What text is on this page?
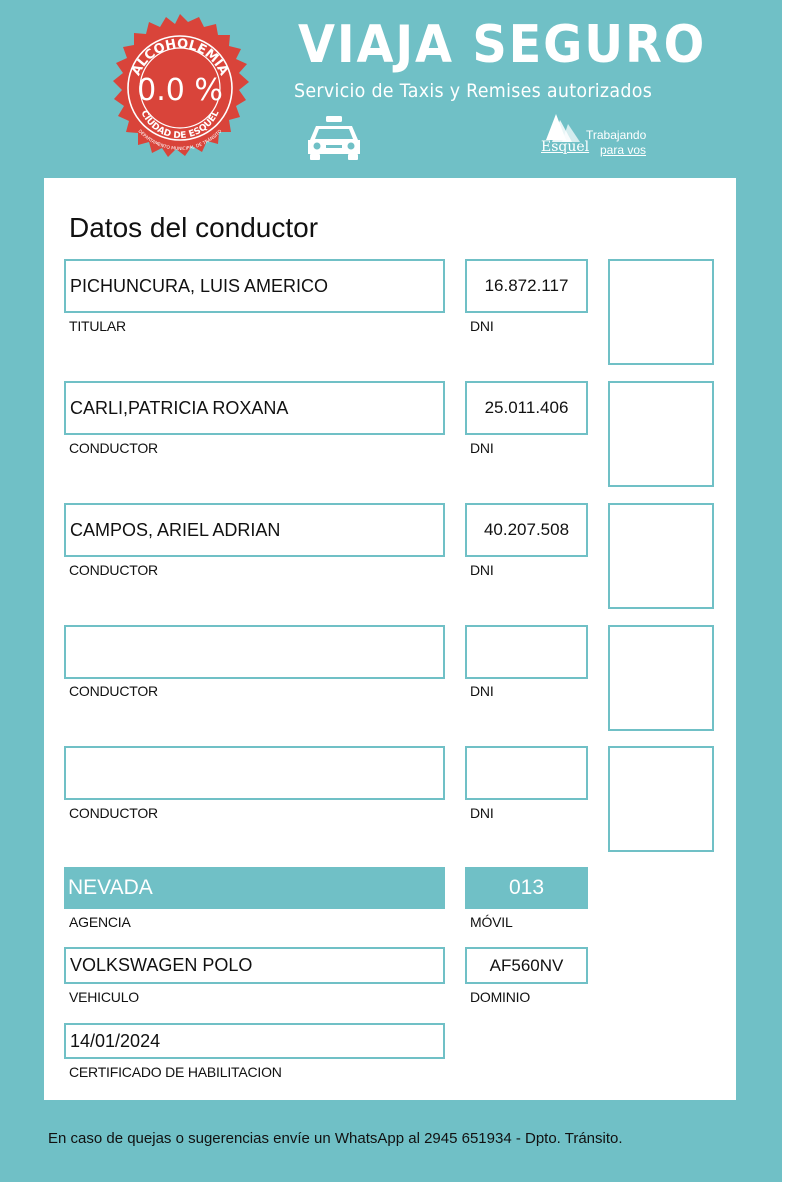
ALCOHOLEMIA
CIUDAD DE ESQUEL
DEPARTAMENTO MUNICIPAL DE TRÁNSITO
0.0 %
VIAJA SEGURO
Servicio de Taxis y Remises autorizados
Esquel
Trabajando
para vos
Datos del conductor
PICHUNCURA, LUIS AMERICO	16.872.117
TITULAR	DNI
CARLI,PATRICIA ROXANA	25.011.406
CONDUCTOR	DNI
CAMPOS, ARIEL ADRIAN	40.207.508
CONDUCTOR	DNI
CONDUCTOR	DNI
CONDUCTOR	DNI
NEVADA	013
AGENCIA	MÓVIL
VOLKSWAGEN POLO	AF560NV
VEHICULO	DOMINIO
14/01/2024
CERTIFICADO DE HABILITACION
En caso de quejas o sugerencias envíe un WhatsApp al 2945 651934 - Dpto. Tránsito.
